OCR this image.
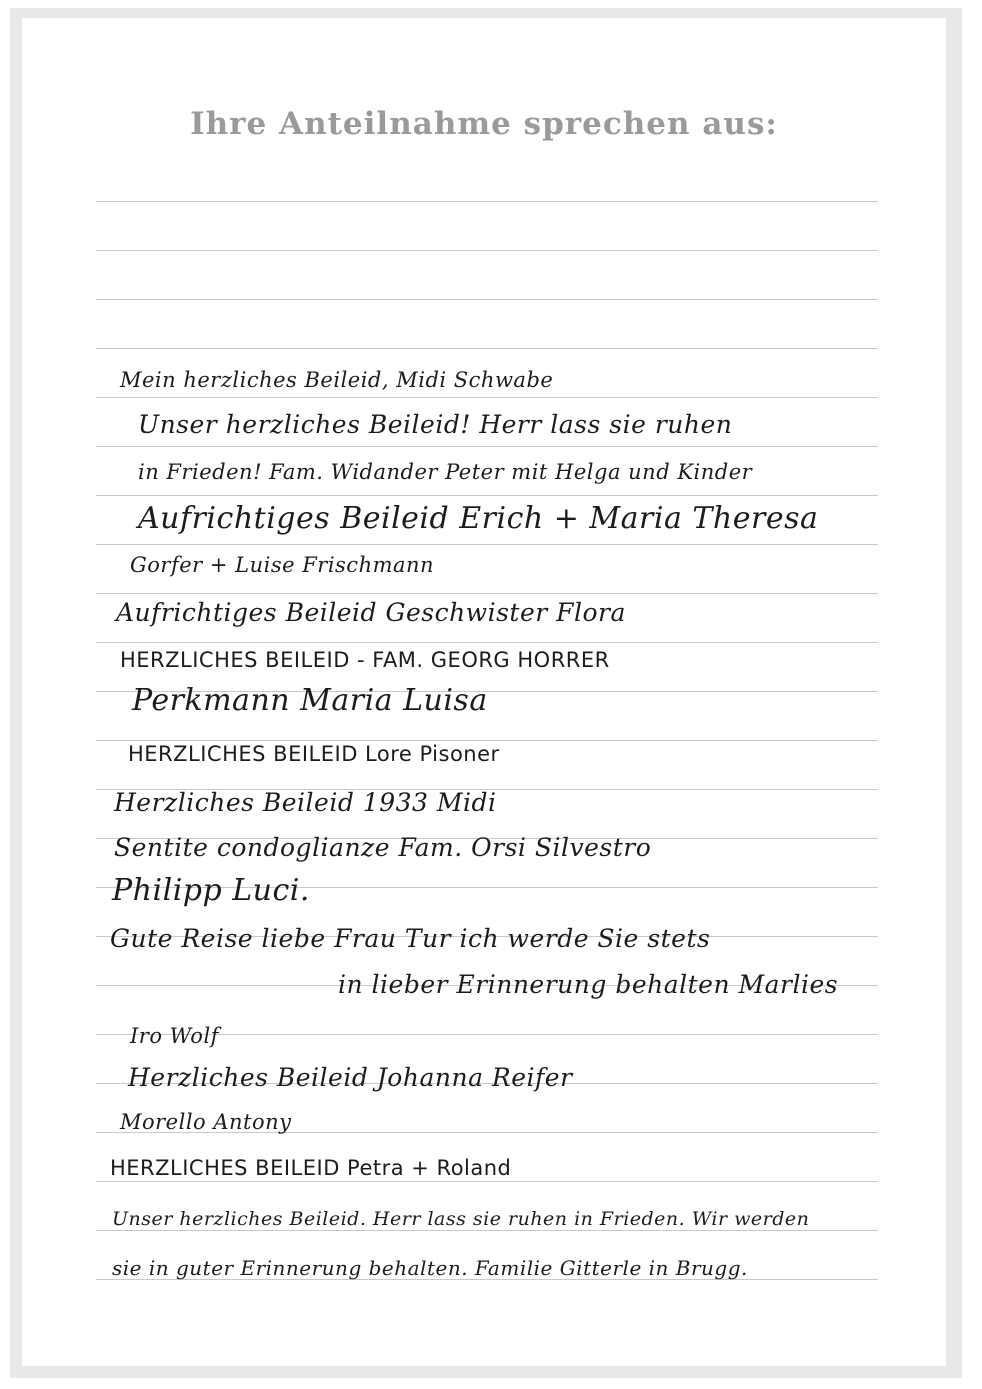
Ihre Anteilnahme sprechen aus:
Mein herzliches Beileid, Midi Schwabe
Unser herzliches Beileid! Herr lass sie ruhen
in Frieden! Fam. Widander Peter mit Helga und Kinder
Aufrichtiges Beileid Erich + Maria Theresa
Gorfer + Luise Frischmann
Aufrichtiges Beileid Geschwister Flora
HERZLICHES BEILEID - FAM. GEORG HORRER
Perkmann Maria Luisa
HERZLICHES BEILEID Lore Pisoner
Herzliches Beileid 1933 Midi
Sentite condoglianze Fam. Orsi Silvestro
Philipp Luci.
Gute Reise liebe Frau Tur ich werde Sie stets
in lieber Erinnerung behalten Marlies
Iro Wolf
Herzliches Beileid Johanna Reifer
Morello Antony
HERZLICHES BEILEID Petra + Roland
Unser herzliches Beileid. Herr lass sie ruhen in Frieden. Wir werden
sie in guter Erinnerung behalten. Familie Gitterle in Brugg.
